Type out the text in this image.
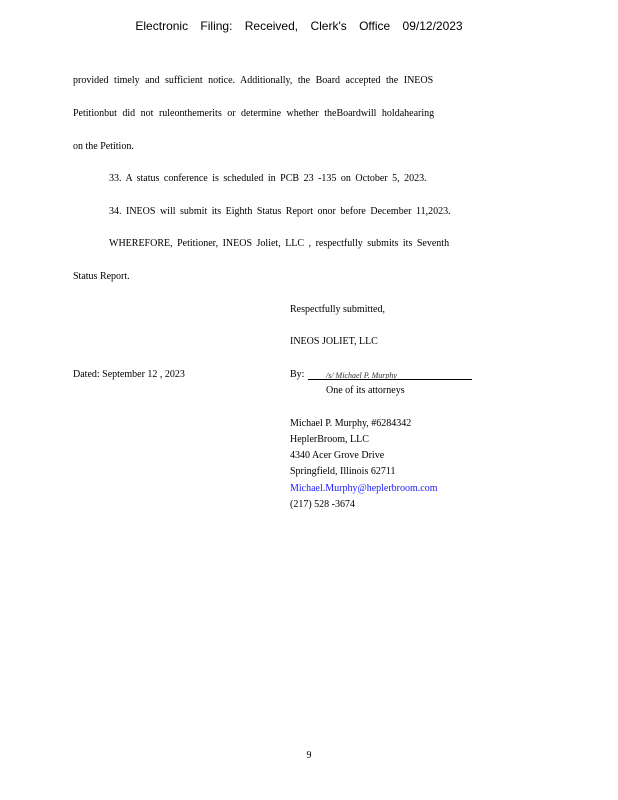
Electronic Filing: Received, Clerk's Office 09/12/2023
provided timely and sufficient notice. Additionally, the Board accepted the INEOS
Petitionbut did not ruleonthemerits or determine whether theBoardwill holdahearing
on the Petition.
33. A status conference is scheduled in PCB 23 -135 on October 5, 2023.
34. INEOS will submit its Eighth Status Report onor before December 11,2023.
WHEREFORE, Petitioner, INEOS Joliet, LLC , respectfully submits its Seventh
Status Report.
Respectfully submitted,
INEOS JOLIET, LLC
Dated: September 12 , 2023	By:	/s/ Michael P. Murphy
One of its attorneys
Michael P. Murphy, #6284342
HeplerBroom, LLC
4340 Acer Grove Drive
Springfield, Illinois 62711
Michael.Murphy@heplerbroom.com
(217) 528 -3674
9
